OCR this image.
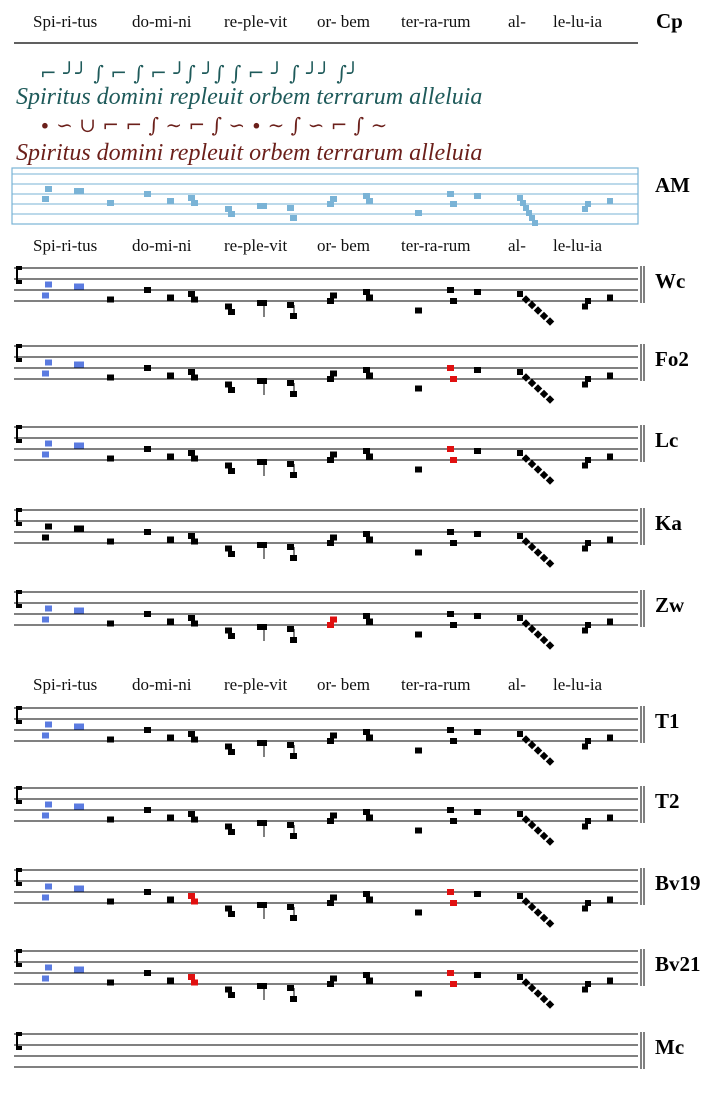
Spi-ri-tus do-mi-ni re-ple-vit or- bem ter-ra-rum al- le-lu-ia	Cp
⌐ ╯╯ ∫ ⌐ ∫ ⌐ ╯∫ ╯∫ ∫ ⌐ ╯ ∫ ╯╯ ∫╯
Spiritus domini repleuit orbem terrarum alleluia
∙ ∽ ∪ ⌐ ⌐ ∫ ∼ ⌐ ∫ ∽ ∙ ∼ ∫ ∽ ⌐ ∫ ∼
Spiritus domini repleuit orbem terrarum alleluia
Spi-ri-tus do-mi-ni re-ple-vit or- bem ter-ra-rum al- le-lu-ia
Spi-ri-tus do-mi-ni re-ple-vit or- bem ter-ra-rum al- le-lu-ia
AM
Wc
Fo2
Lc
Ka
Zw
T1
T2
Bv19
Bv21
Mc
